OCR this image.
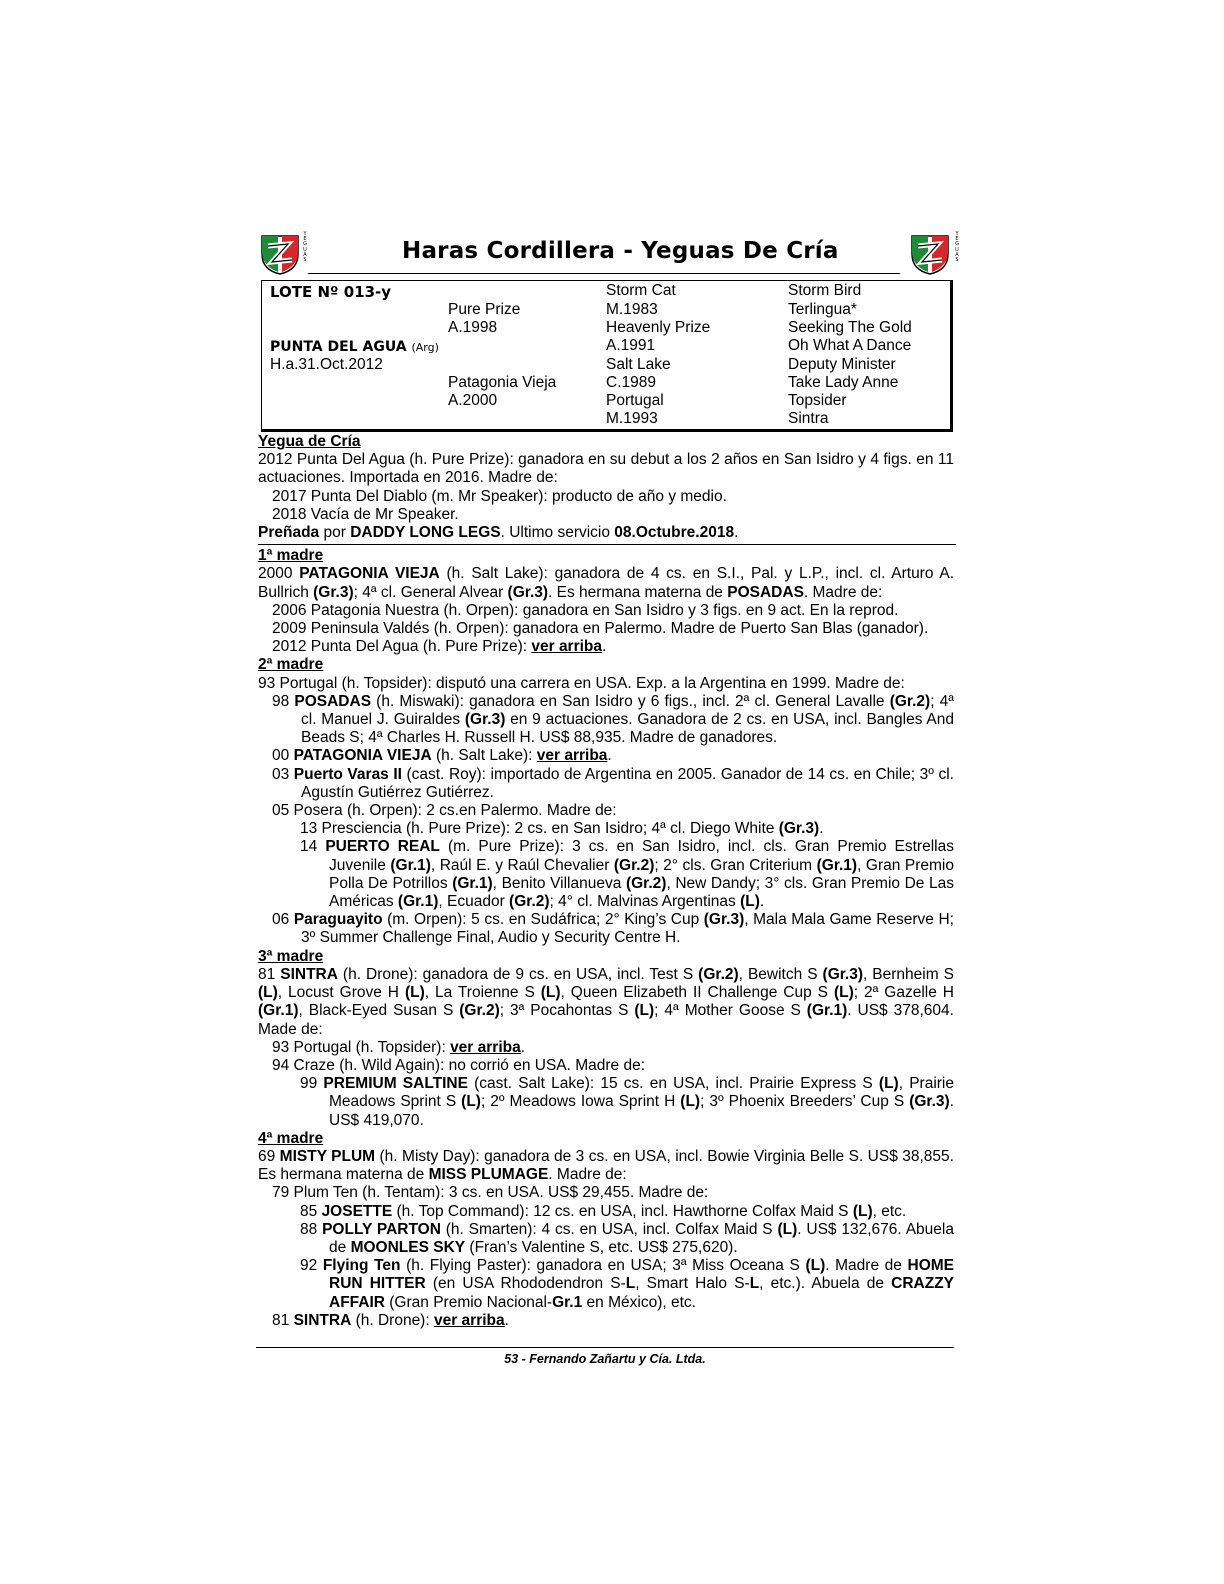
Y
E
G
U
A
S	Haras Cordillera - Yeguas De Cría
Y
E
G
U
A
S
LOTE Nº 013-y
PUNTA DEL AGUA (Arg)
H.a.31.Oct.2012
Pure Prize
A.1998
Patagonia Vieja
A.2000
Storm Cat
M.1983
Heavenly Prize
A.1991
Salt Lake
C.1989
Portugal
M.1993
Storm Bird
Terlingua*
Seeking The Gold
Oh What A Dance
Deputy Minister
Take Lady Anne
Topsider
Sintra
Yegua de Cría

2012 Punta Del Agua (h. Pure Prize): ganadora en su debut a los 2 años en San Isidro y 4 figs. en 11 actuaciones. Importada en 2016. Madre de:

2017 Punta Del Diablo (m. Mr Speaker): producto de año y medio.

2018 Vacía de Mr Speaker.

Preñada por DADDY LONG LEGS. Ultimo servicio 08.Octubre.2018.

1ª madre

2000 PATAGONIA VIEJA (h. Salt Lake): ganadora de 4 cs. en S.I., Pal. y L.P., incl. cl. Arturo A. Bullrich (Gr.3); 4ª cl. General Alvear (Gr.3). Es hermana materna de POSADAS. Madre de:

2006 Patagonia Nuestra (h. Orpen): ganadora en San Isidro y 3 figs. en 9 act. En la reprod.

2009 Peninsula Valdés (h. Orpen): ganadora en Palermo. Madre de Puerto San Blas (ganador).

2012 Punta Del Agua (h. Pure Prize): ver arriba.

2ª madre

93 Portugal (h. Topsider): disputó una carrera en USA. Exp. a la Argentina en 1999. Madre de:

98 POSADAS (h. Miswaki): ganadora en San Isidro y 6 figs., incl. 2ª cl. General Lavalle (Gr.2); 4ª cl. Manuel J. Guiraldes (Gr.3) en 9 actuaciones. Ganadora de 2 cs. en USA, incl. Bangles And Beads S; 4ª Charles H. Russell H. US$ 88,935. Madre de ganadores.

00 PATAGONIA VIEJA (h. Salt Lake): ver arriba.

03 Puerto Varas II (cast. Roy): importado de Argentina en 2005. Ganador de 14 cs. en Chile; 3º cl. Agustín Gutiérrez Gutiérrez.

05 Posera (h. Orpen): 2 cs.en Palermo. Madre de:

13 Presciencia (h. Pure Prize): 2 cs. en San Isidro; 4ª cl. Diego White (Gr.3).

14 PUERTO REAL (m. Pure Prize): 3 cs. en San Isidro, incl. cls. Gran Premio Estrellas Juvenile (Gr.1), Raúl E. y Raúl Chevalier (Gr.2); 2° cls. Gran Criterium (Gr.1), Gran Premio Polla De Potrillos (Gr.1), Benito Villanueva (Gr.2), New Dandy; 3° cls. Gran Premio De Las Américas (Gr.1), Ecuador (Gr.2); 4° cl. Malvinas Argentinas (L).

06 Paraguayito (m. Orpen): 5 cs. en Sudáfrica; 2° King’s Cup (Gr.3), Mala Mala Game Reserve H; 3º Summer Challenge Final, Audio y Security Centre H.

3ª madre

81 SINTRA (h. Drone): ganadora de 9 cs. en USA, incl. Test S (Gr.2), Bewitch S (Gr.3), Bernheim S (L), Locust Grove H (L), La Troienne S (L), Queen Elizabeth II Challenge Cup S (L); 2ª Gazelle H (Gr.1), Black-Eyed Susan S (Gr.2); 3ª Pocahontas S (L); 4ª Mother Goose S (Gr.1). US$ 378,604. Made de:

93 Portugal (h. Topsider): ver arriba.

94 Craze (h. Wild Again): no corrió en USA. Madre de:

99 PREMIUM SALTINE (cast. Salt Lake): 15 cs. en USA, incl. Prairie Express S (L), Prairie Meadows Sprint S (L); 2º Meadows Iowa Sprint H (L); 3º Phoenix Breeders’ Cup S (Gr.3). US$ 419,070.

4ª madre

69 MISTY PLUM (h. Misty Day): ganadora de 3 cs. en USA, incl. Bowie Virginia Belle S. US$ 38,855. Es hermana materna de MISS PLUMAGE. Madre de:

79 Plum Ten (h. Tentam): 3 cs. en USA. US$ 29,455. Madre de:

85 JOSETTE (h. Top Command): 12 cs. en USA, incl. Hawthorne Colfax Maid S (L), etc.

88 POLLY PARTON (h. Smarten): 4 cs. en USA, incl. Colfax Maid S (L). US$ 132,676. Abuela de MOONLES SKY (Fran’s Valentine S, etc. US$ 275,620).

92 Flying Ten (h. Flying Paster): ganadora en USA; 3ª Miss Oceana S (L). Madre de HOME RUN HITTER (en USA Rhododendron S-L, Smart Halo S-L, etc.). Abuela de CRAZZY AFFAIR (Gran Premio Nacional-Gr.1 en México), etc.

81 SINTRA (h. Drone): ver arriba.

53 - Fernando Zañartu y Cía. Ltda.
